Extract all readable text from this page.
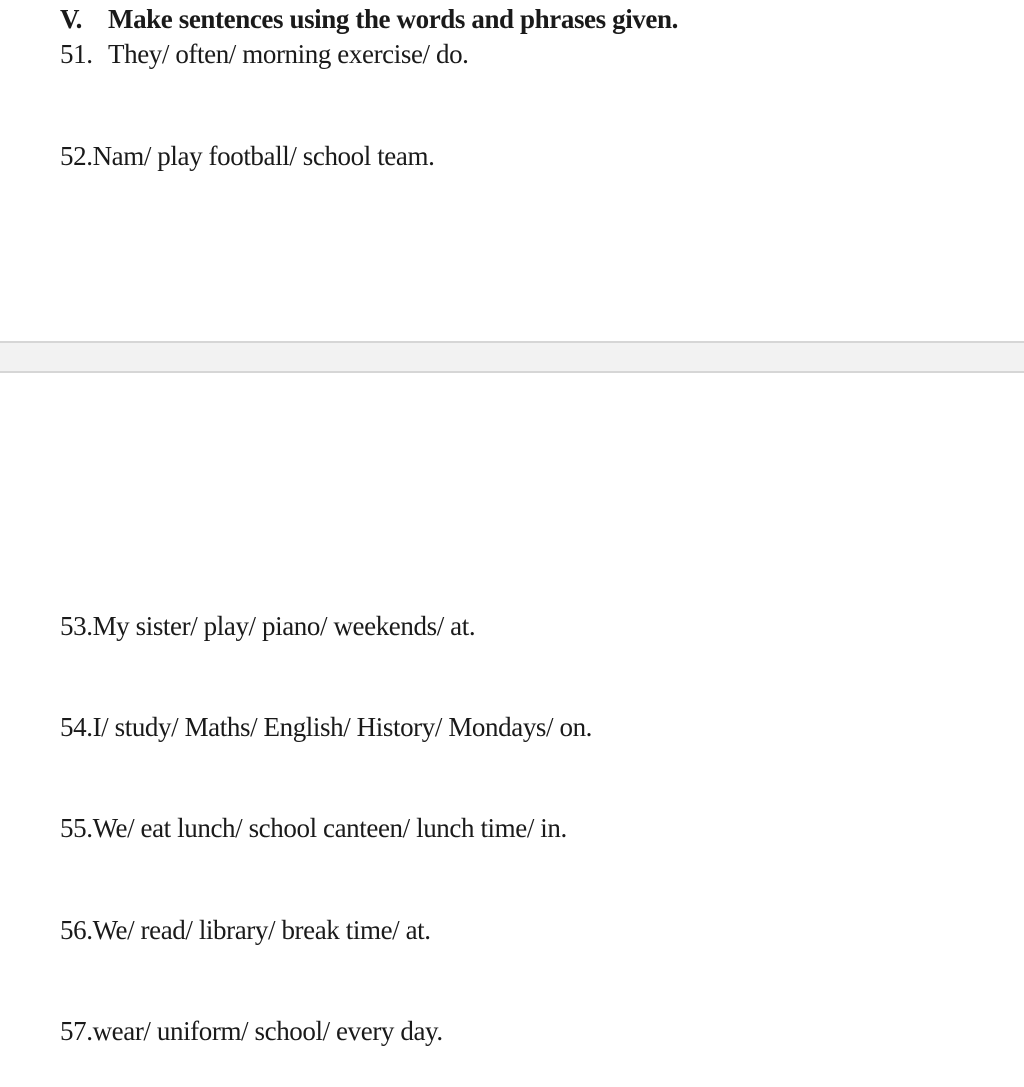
V. Make sentences using the words and phrases given.
51. They/ often/ morning exercise/ do.
52.Nam/ play football/ school team.
53.My sister/ play/ piano/ weekends/ at.
54.I/ study/ Maths/ English/ History/ Mondays/ on.
55.We/ eat lunch/ school canteen/ lunch time/ in.
56.We/ read/ library/ break time/ at.
57.wear/ uniform/ school/ every day.
